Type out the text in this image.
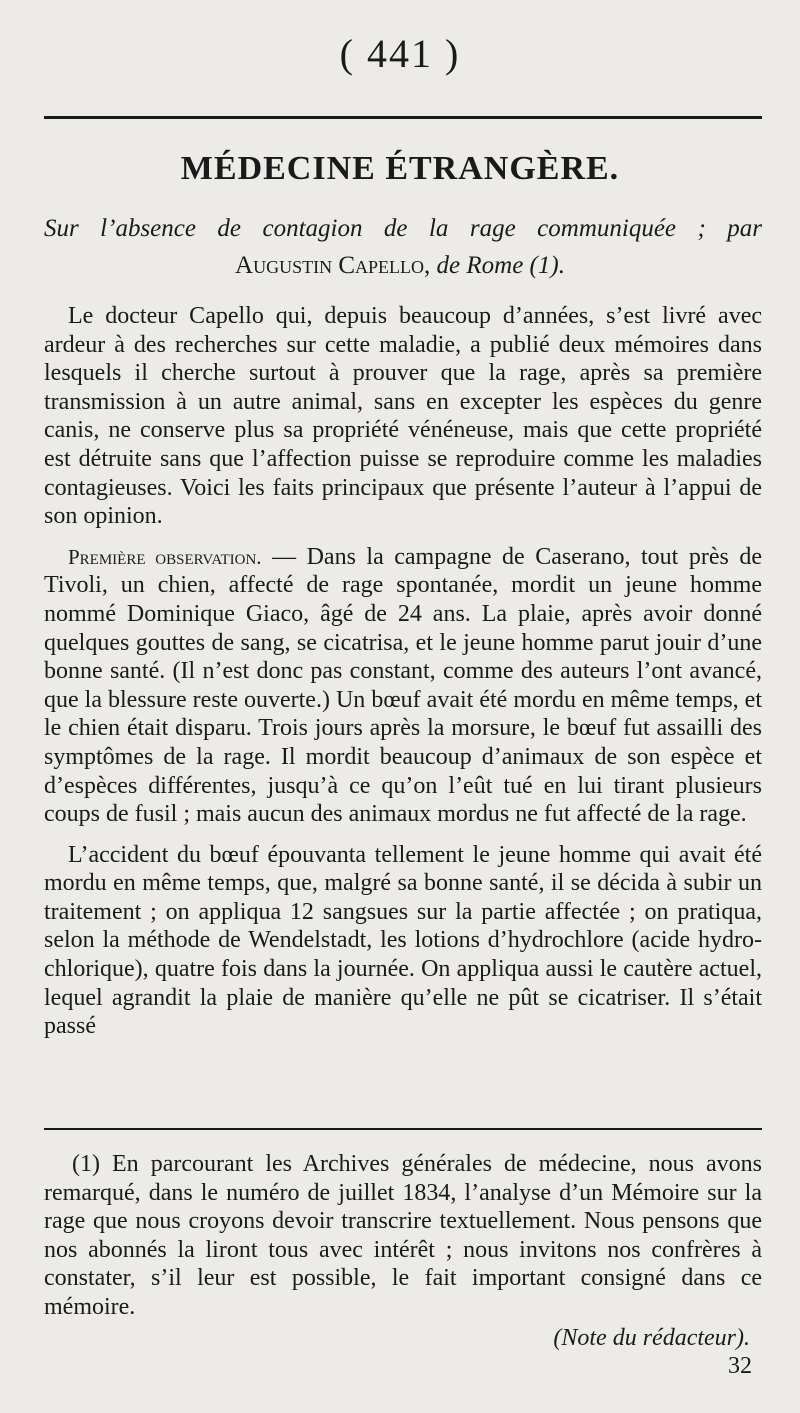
( 441 )
MÉDECINE ÉTRANGÈRE.
Sur l’absence de contagion de la rage communiquée ; par
Augustin Capello, de Rome (1).

Le docteur Capello qui, depuis beaucoup d’années, s’est livré avec ardeur à des recherches sur cette maladie, a publié deux mémoires dans lesquels il cherche surtout à prouver que la rage, après sa première transmission à un autre animal, sans en excepter les espèces du genre canis, ne conserve plus sa propriété vénéneuse, mais que cette propriété est détruite sans que l’affection puisse se reproduire comme les maladies contagieuses. Voici les faits principaux que présente l’auteur à l’appui de son opinion.

Première observation. — Dans la campagne de Caserano, tout près de Tivoli, un chien, affecté de rage spontanée, mordit un jeune homme nommé Dominique Giaco, âgé de 24 ans. La plaie, après avoir donné quelques gouttes de sang, se cicatrisa, et le jeune homme parut jouir d’une bonne santé. (Il n’est donc pas constant, comme des auteurs l’ont avancé, que la blessure reste ouverte.) Un bœuf avait été mordu en même temps, et le chien était disparu. Trois jours après la morsure, le bœuf fut assailli des symptômes de la rage. Il mordit beaucoup d’animaux de son espèce et d’espèces différentes, jusqu’à ce qu’on l’eût tué en lui tirant plusieurs coups de fusil ; mais aucun des animaux mordus ne fut affecté de la rage.

L’accident du bœuf épouvanta tellement le jeune homme qui avait été mordu en même temps, que, malgré sa bonne santé, il se décida à subir un traitement ; on appliqua 12 sangsues sur la partie affectée ; on pratiqua, selon la méthode de Wendelstadt, les lotions d’hydrochlore (acide hydro-chlorique), quatre fois dans la journée. On appliqua aussi le cautère actuel, lequel agrandit la plaie de manière qu’elle ne pût se cicatriser. Il s’était passé

(1) En parcourant les Archives générales de médecine, nous avons remarqué, dans le numéro de juillet 1834, l’analyse d’un Mémoire sur la rage que nous croyons devoir transcrire textuellement. Nous pensons que nos abonnés la liront tous avec intérêt ; nous invitons nos confrères à constater, s’il leur est possible, le fait important consigné dans ce mémoire.

(Note du rédacteur).

32
